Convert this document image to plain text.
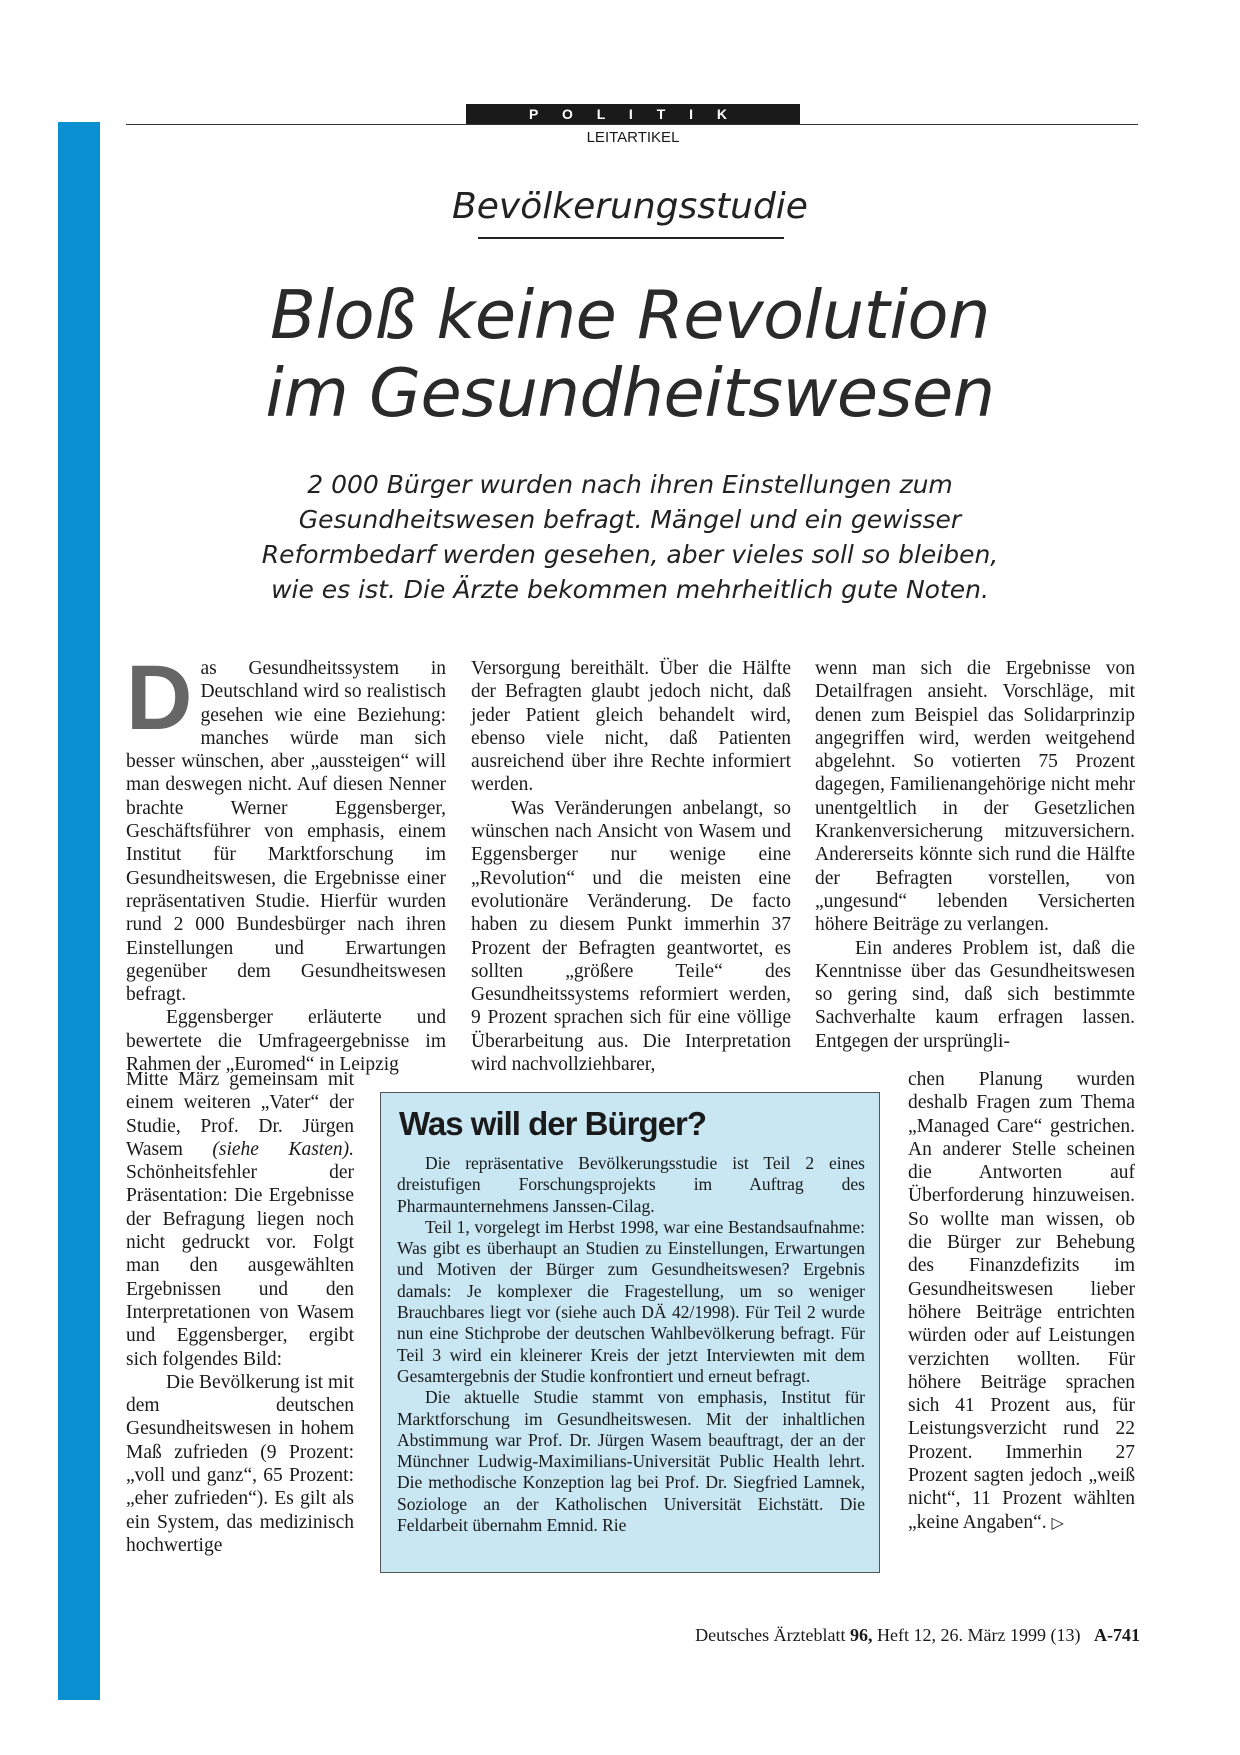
P O L I T I K
LEITARTIKEL
Bevölkerungsstudie
Bloß keine Revolution
im Gesundheitswesen
2 000 Bürger wurden nach ihren Einstellungen zum
Gesundheitswesen befragt. Mängel und ein gewisser
Reformbedarf werden gesehen, aber vieles soll so bleiben,
wie es ist. Die Ärzte bekommen mehrheitlich gute Noten.
D as Gesundheitssystem in Deutschland wird so realistisch gesehen wie eine Beziehung: manches würde man sich besser wünschen, aber „aussteigen“ will man deswegen nicht. Auf diesen Nenner brachte Werner Eggensberger, Geschäftsführer von emphasis, einem Institut für Marktforschung im Gesundheitswesen, die Ergebnisse einer repräsentativen Studie. Hierfür wurden rund 2 000 Bundesbürger nach ihren Einstellungen und Erwartungen gegenüber dem Gesundheitswesen befragt.

Eggensberger erläuterte und bewertete die Umfrageergebnisse im Rahmen der „Euromed“ in Leipzig

Mitte März gemeinsam mit einem weiteren „Vater“ der Studie, Prof. Dr. Jürgen Wasem (siehe Kasten). Schönheitsfehler der Präsentation: Die Ergebnisse der Befragung liegen noch nicht gedruckt vor. Folgt man den ausgewählten Ergebnissen und den Interpretationen von Wasem und Eggensberger, ergibt sich folgendes Bild:

Die Bevölkerung ist mit dem deutschen Gesundheitswesen in hohem Maß zufrieden (9 Prozent: „voll und ganz“, 65 Prozent: „eher zufrieden“). Es gilt als ein System, das medizinisch hochwertige

Versorgung bereithält. Über die Hälfte der Befragten glaubt jedoch nicht, daß jeder Patient gleich behandelt wird, ebenso viele nicht, daß Patienten ausreichend über ihre Rechte informiert werden.

Was Veränderungen anbelangt, so wünschen nach Ansicht von Wasem und Eggensberger nur wenige eine „Revolution“ und die meisten eine evolutionäre Veränderung. De facto haben zu diesem Punkt immerhin 37 Prozent der Befragten geantwortet, es sollten „größere Teile“ des Gesundheitssystems reformiert werden, 9 Prozent sprachen sich für eine völlige Überarbeitung aus. Die Interpretation wird nachvollziehbarer,

wenn man sich die Ergebnisse von Detailfragen ansieht. Vorschläge, mit denen zum Beispiel das Solidarprinzip angegriffen wird, werden weitgehend abgelehnt. So votierten 75 Prozent dagegen, Familienangehörige nicht mehr unentgeltlich in der Gesetzlichen Krankenversicherung mitzuversichern. Andererseits könnte sich rund die Hälfte der Befragten vorstellen, von „ungesund“ lebenden Versicherten höhere Beiträge zu verlangen.

Ein anderes Problem ist, daß die Kenntnisse über das Gesundheitswesen so gering sind, daß sich bestimmte Sachverhalte kaum erfragen lassen. Entgegen der ursprüngli-

chen Planung wurden deshalb Fragen zum Thema „Managed Care“ gestrichen. An anderer Stelle scheinen die Antworten auf Überforderung hinzuweisen. So wollte man wissen, ob die Bürger zur Behebung des Finanzdefizits im Gesundheitswesen lieber höhere Beiträge entrichten würden oder auf Leistungen verzichten wollten. Für höhere Beiträge sprachen sich 41 Prozent aus, für Leistungsverzicht rund 22 Prozent. Immerhin 27 Prozent sagten jedoch „weiß nicht“, 11 Prozent wählten „keine Angaben“. ▷

Was will der Bürger?

Die repräsentative Bevölkerungsstudie ist Teil 2 eines dreistufigen Forschungsprojekts im Auftrag des Pharmaunternehmens Janssen-Cilag.

Teil 1, vorgelegt im Herbst 1998, war eine Bestandsaufnahme: Was gibt es überhaupt an Studien zu Einstellungen, Erwartungen und Motiven der Bürger zum Gesundheitswesen? Ergebnis damals: Je komplexer die Fragestellung, um so weniger Brauchbares liegt vor (siehe auch DÄ 42/1998). Für Teil 2 wurde nun eine Stichprobe der deutschen Wahlbevölkerung befragt. Für Teil 3 wird ein kleinerer Kreis der jetzt Interviewten mit dem Gesamtergebnis der Studie konfrontiert und erneut befragt.

Die aktuelle Studie stammt von emphasis, Institut für Marktforschung im Gesundheitswesen. Mit der inhaltlichen Abstimmung war Prof. Dr. Jürgen Wasem beauftragt, der an der Münchner Ludwig-Maximilians-Universität Public Health lehrt. Die methodische Konzeption lag bei Prof. Dr. Siegfried Lamnek, Soziologe an der Katholischen Universität Eichstätt. Die Feldarbeit übernahm Emnid. Rie

Deutsches Ärzteblatt 96, Heft 12, 26. März 1999 (13) A-741
